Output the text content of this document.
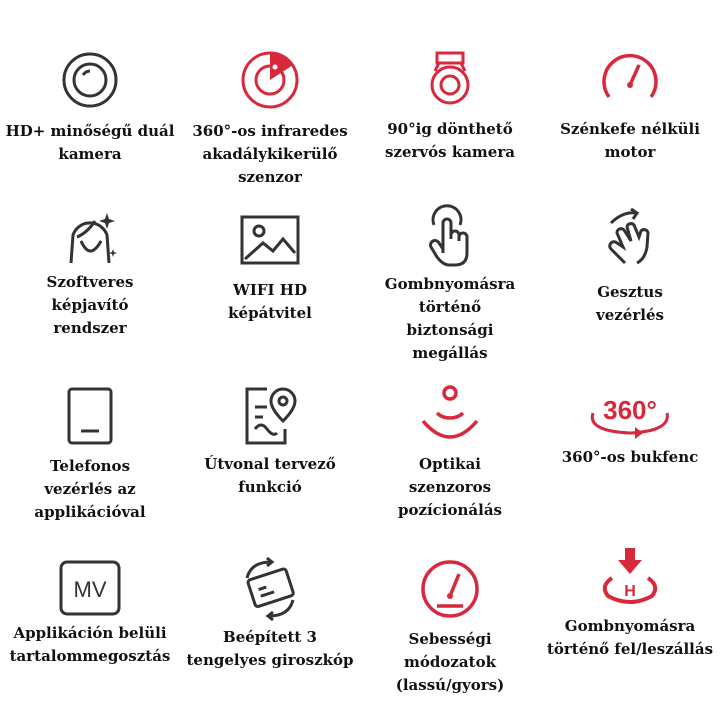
HD+ minőségű duál
kamera
360°-os infraredes
akadálykikerülő
szenzor
90°ig dönthető
szervós kamera
Szénkefe nélküli
motor
Szoftveres
képjavító
rendszer
WIFI HD
képátvitel
Gombnyomásra
történő
biztonsági
megállás
Gesztus
vezérlés
Telefonos
vezérlés az
applikációval
Útvonal tervező
funkció
Optikai
szenzoros
pozícionálás
360°
360°-os bukfenc
MV
Applikáción belüli
tartalommegosztás
Beépített 3
tengelyes giroszkóp
Sebességi
módozatok
(lassú/gyors)
H
Gombnyomásra
történő fel/leszállás
